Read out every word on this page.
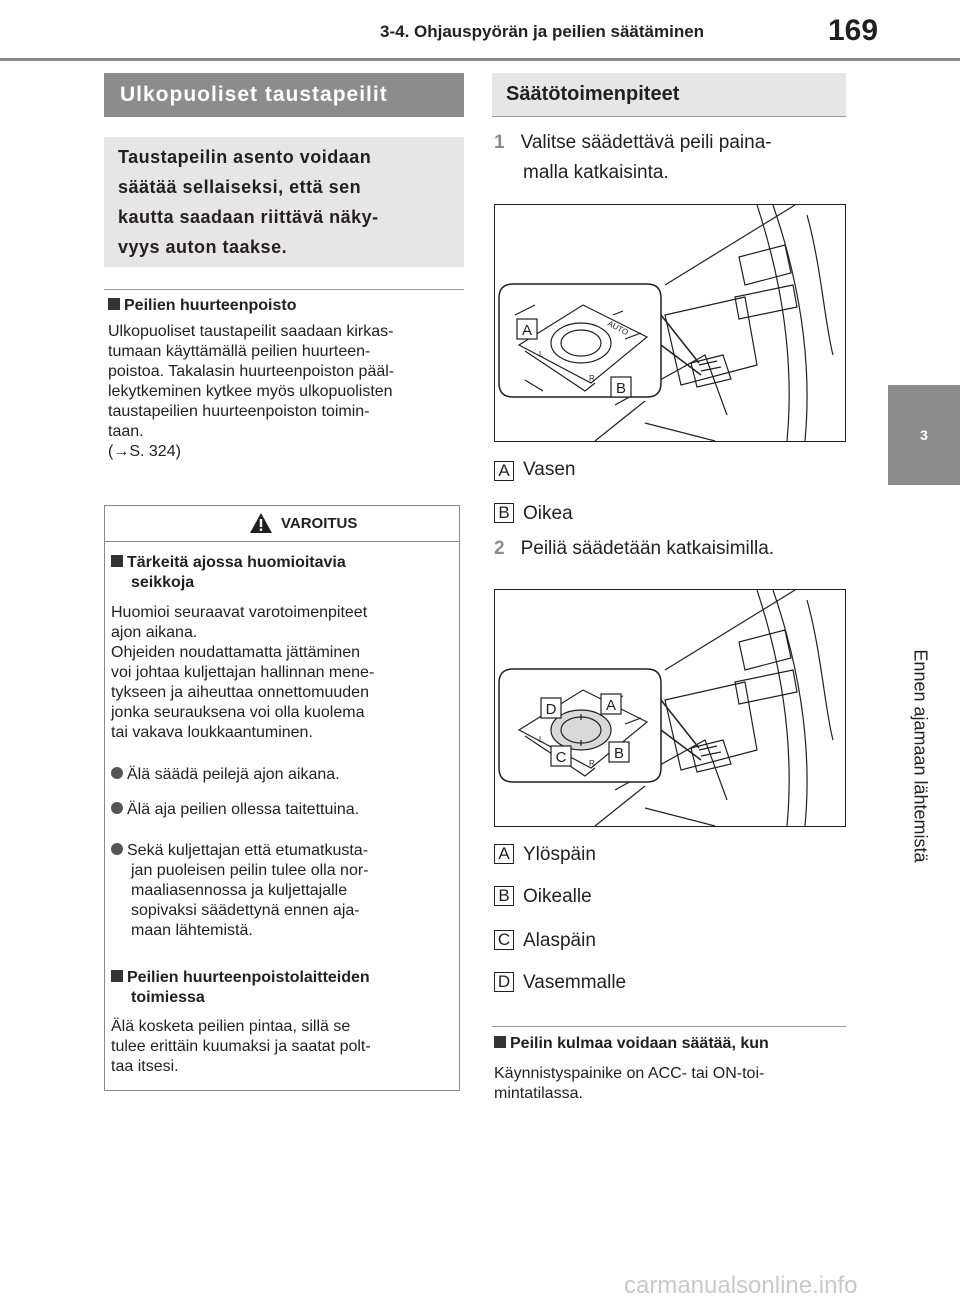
3-4. Ohjauspyörän ja peilien säätäminen	169
3
Ennen ajamaan lähtemistä
Ulkopuoliset taustapeilit
Taustapeilin asento voidaan
säätää sellaiseksi, että sen
kautta saadaan riittävä näky-
vyys auton taakse.
Peilien huurteenpoisto
Ulkopuoliset taustapeilit saadaan kirkas-
tumaan käyttämällä peilien huurteen-
poistoa. Takalasin huurteenpoiston pääl-
lekytkeminen kytkee myös ulkopuolisten
taustapeilien huurteenpoiston toimin-
taan.
(→S. 324)
VAROITUS
Tärkeitä ajossa huomioitavia
seikkoja
Huomioi seuraavat varotoimenpiteet
ajon aikana.
Ohjeiden noudattamatta jättäminen
voi johtaa kuljettajan hallinnan mene-
tykseen ja aiheuttaa onnettomuuden
jonka seurauksena voi olla kuolema
tai vakava loukkaantuminen.
Älä säädä peilejä ajon aikana.
Älä aja peilien ollessa taitettuina.
Sekä kuljettajan että etumatkusta-
jan puoleisen peilin tulee olla nor-
maaliasennossa ja kuljettajalle
sopivaksi säädettynä ennen aja-
maan lähtemistä.
Peilien huurteenpoistolaitteiden
toimiessa
Älä kosketa peilien pintaa, sillä se
tulee erittäin kuumaksi ja saatat polt-
taa itsesi.
Säätötoimenpiteet
1 Valitse säädettävä peili paina-
malla katkaisinta.
AUTO
L
R
A
B
A Vasen
B Oikea
2 Peiliä säädetään katkaisimilla.
L
R
D	A
C	B
A Ylöspäin
B Oikealle
C Alaspäin
D Vasemmalle
Peilin kulmaa voidaan säätää, kun
Käynnistyspainike on ACC- tai ON-toi-
mintatilassa.
carmanualsonline.info
